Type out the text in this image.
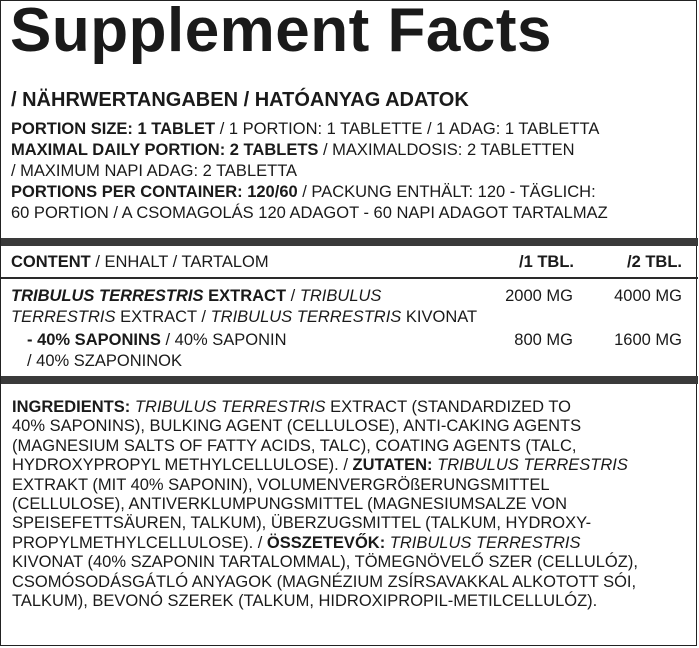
Supplement Facts
/ NÄHRWERTANGABEN / HATÓANYAG ADATOK
PORTION SIZE: 1 TABLET / 1 PORTION: 1 TABLETTE / 1 ADAG: 1 TABLETTA
MAXIMAL DAILY PORTION: 2 TABLETS / MAXIMALDOSIS: 2 TABLETTEN
/ MAXIMUM NAPI ADAG: 2 TABLETTA
PORTIONS PER CONTAINER: 120/60 / PACKUNG ENTHÄLT: 120 - TÄGLICH:
60 PORTION / A CSOMAGOLÁS 120 ADAGOT - 60 NAPI ADAGOT TARTALMAZ
CONTENT / ENHALT / TARTALOM	/1 TBL.	/2 TBL.
TRIBULUS TERRESTRIS EXTRACT / TRIBULUS
TERRESTRIS EXTRACT / TRIBULUS TERRESTRIS KIVONAT
2000 MG 4000 MG
- 40% SAPONINS / 40% SAPONIN
/ 40% SZAPONINOK
800 MG 1600 MG
INGREDIENTS: TRIBULUS TERRESTRIS EXTRACT (STANDARDIZED TO
40% SAPONINS), BULKING AGENT (CELLULOSE), ANTI-CAKING AGENTS
(MAGNESIUM SALTS OF FATTY ACIDS, TALC), COATING AGENTS (TALC,
HYDROXYPROPYL METHYLCELLULOSE). / ZUTATEN: TRIBULUS TERRESTRIS
EXTRAKT (MIT 40% SAPONIN), VOLUMENVERGRÖßERUNGSMITTEL
(CELLULOSE), ANTIVERKLUMPUNGSMITTEL (MAGNESIUMSALZE VON
SPEISEFETTSÄUREN, TALKUM), ÜBERZUGSMITTEL (TALKUM, HYDROXY-
PROPYLMETHYLCELLULOSE). / ÖSSZETEVŐK: TRIBULUS TERRESTRIS
KIVONAT (40% SZAPONIN TARTALOMMAL), TÖMEGNÖVELŐ SZER (CELLULÓZ),
CSOMÓSODÁSGÁTLÓ ANYAGOK (MAGNÉZIUM ZSÍRSAVAKKAL ALKOTOTT SÓI,
TALKUM), BEVONÓ SZEREK (TALKUM, HIDROXIPROPIL-METILCELLULÓZ).
